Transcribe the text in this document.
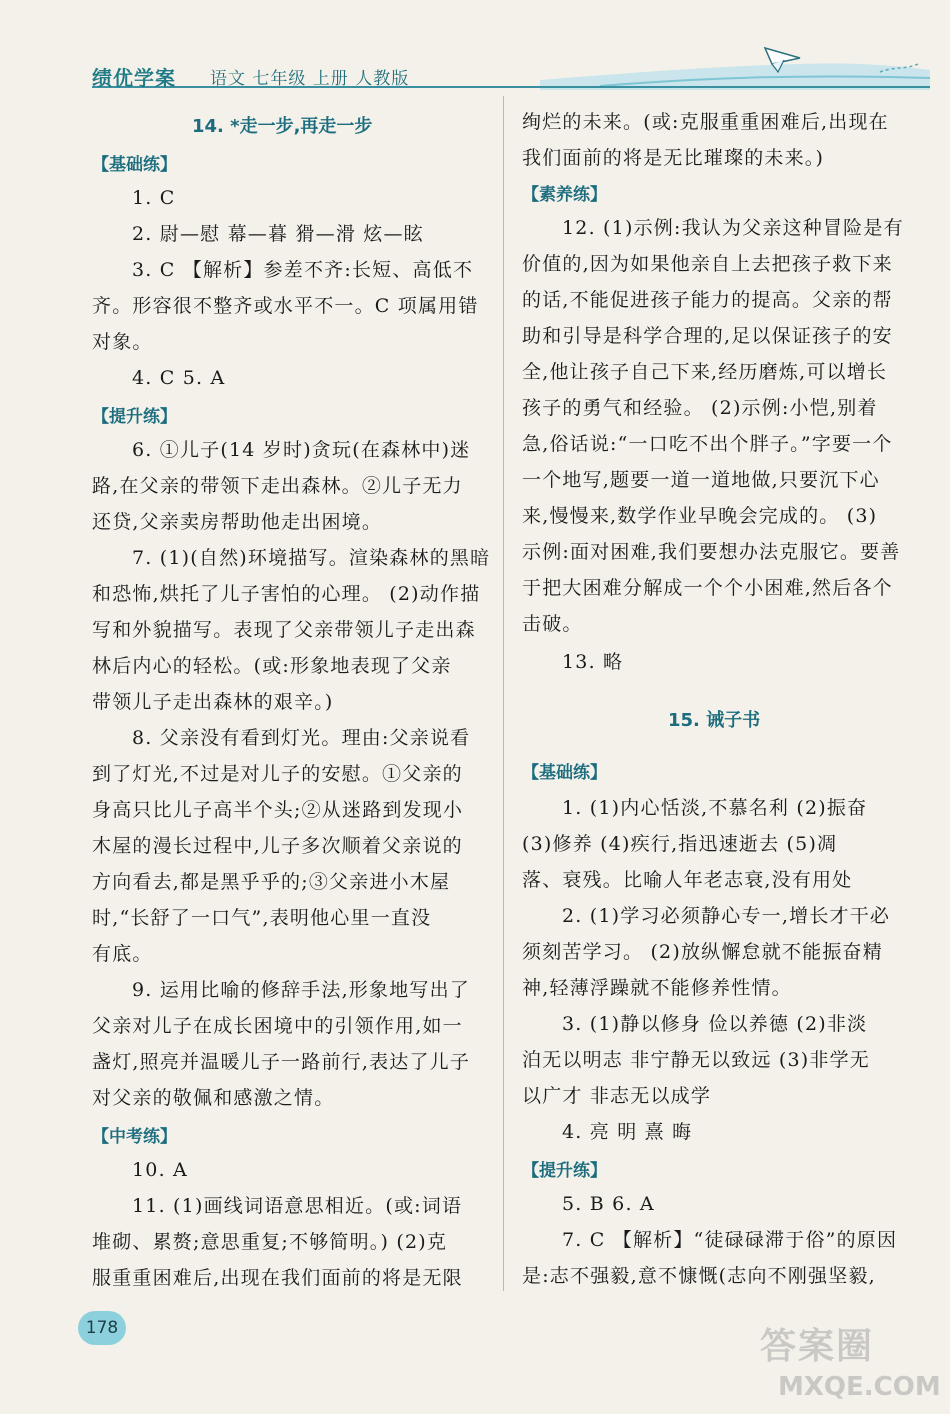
绩优学案 语文 七年级 上册 人教版
14. *走一步,再走一步
【基础练】
1. C
2. 尉—慰 幕—暮 猾—滑 炫—眩
3. C 【解析】参差不齐:长短、高低不
齐。形容很不整齐或水平不一。C 项属用错
对象。
4. C 5. A
【提升练】
6. ①儿子(14 岁时)贪玩(在森林中)迷
路,在父亲的带领下走出森林。②儿子无力
还贷,父亲卖房帮助他走出困境。
7. (1)(自然)环境描写。渲染森林的黑暗
和恐怖,烘托了儿子害怕的心理。 (2)动作描
写和外貌描写。表现了父亲带领儿子走出森
林后内心的轻松。(或:形象地表现了父亲
带领儿子走出森林的艰辛。)
8. 父亲没有看到灯光。理由:父亲说看
到了灯光,不过是对儿子的安慰。①父亲的
身高只比儿子高半个头;②从迷路到发现小
木屋的漫长过程中,儿子多次顺着父亲说的
方向看去,都是黑乎乎的;③父亲进小木屋
时,“长舒了一口气”,表明他心里一直没
有底。
9. 运用比喻的修辞手法,形象地写出了
父亲对儿子在成长困境中的引领作用,如一
盏灯,照亮并温暖儿子一路前行,表达了儿子
对父亲的敬佩和感激之情。
【中考练】
10. A
11. (1)画线词语意思相近。(或:词语
堆砌、累赘;意思重复;不够简明。) (2)克
服重重困难后,出现在我们面前的将是无限
绚烂的未来。(或:克服重重困难后,出现在
我们面前的将是无比璀璨的未来。)
【素养练】
12. (1)示例:我认为父亲这种冒险是有
价值的,因为如果他亲自上去把孩子救下来
的话,不能促进孩子能力的提高。父亲的帮
助和引导是科学合理的,足以保证孩子的安
全,他让孩子自己下来,经历磨炼,可以增长
孩子的勇气和经验。 (2)示例:小恺,别着
急,俗话说:“一口吃不出个胖子。”字要一个
一个地写,题要一道一道地做,只要沉下心
来,慢慢来,数学作业早晚会完成的。 (3)
示例:面对困难,我们要想办法克服它。要善
于把大困难分解成一个个小困难,然后各个
击破。
13. 略
15. 诫子书
【基础练】
1. (1)内心恬淡,不慕名利 (2)振奋
(3)修养 (4)疾行,指迅速逝去 (5)凋
落、衰残。比喻人年老志衰,没有用处
2. (1)学习必须静心专一,增长才干必
须刻苦学习。 (2)放纵懈怠就不能振奋精
神,轻薄浮躁就不能修养性情。
3. (1)静以修身 俭以养德 (2)非淡
泊无以明志 非宁静无以致远 (3)非学无
以广才 非志无以成学
4. 亮 明 熹 晦
【提升练】
5. B 6. A
7. C 【解析】“徒碌碌滞于俗”的原因
是:志不强毅,意不慷慨(志向不刚强坚毅,
178	答案圈
MXQE.COM
